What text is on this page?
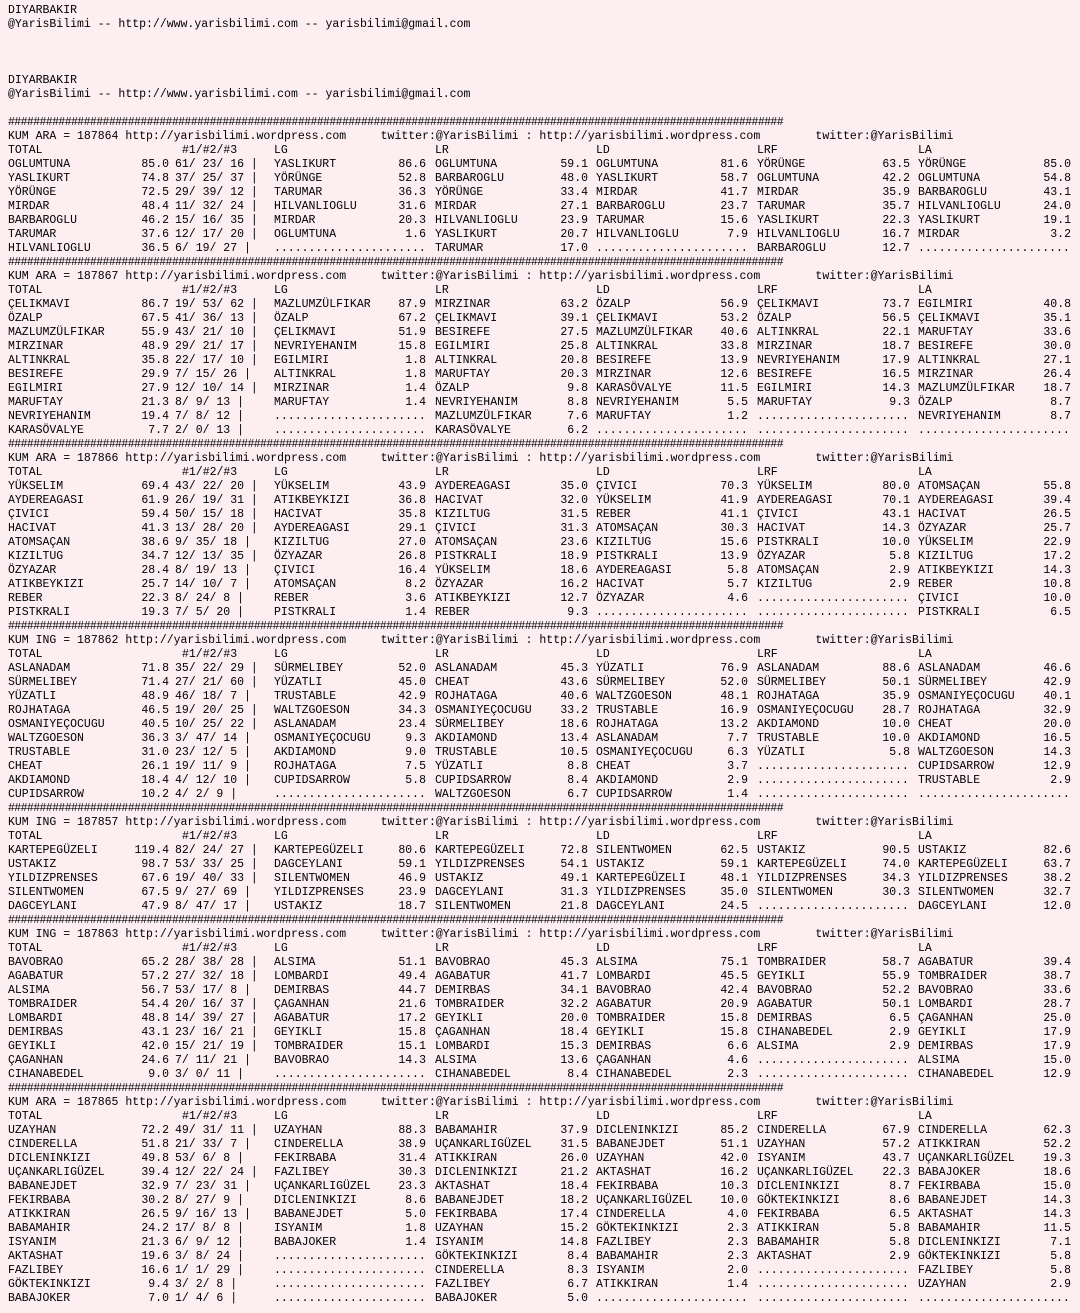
DIYARBAKIR
@YarisBilimi -- http://www.yarisbilimi.com -- yarisbilimi@gmail.com
DIYARBAKIR
@YarisBilimi -- http://www.yarisbilimi.com -- yarisbilimi@gmail.com
###########################################################################################################################
KUM ARA = 187864 http://yarisbilimi.wordpress.com     twitter:@YarisBilimi : http://yarisbilimi.wordpress.com        twitter:@YarisBilimi
TOTAL	#1/#2/#3	LG	LR	LD	LRF	LA
OGLUMTUNA	85.0 61/ 23/ 16 | YASLIKURT	86.6 OGLUMTUNA	59.1 OGLUMTUNA	81.6 YÖRÜNGE	63.5 YÖRÜNGE	85.0
YASLIKURT	74.8 37/ 25/ 37 | YÖRÜNGE	52.8 BARBAROGLU	48.0 YASLIKURT	58.7 OGLUMTUNA	42.2 OGLUMTUNA	54.8
YÖRÜNGE	72.5 29/ 39/ 12 | TARUMAR	36.3 YÖRÜNGE	33.4 MIRDAR	41.7 MIRDAR	35.9 BARBAROGLU	43.1
MIRDAR	48.4 11/ 32/ 24 | HILVANLIOGLU	31.6 MIRDAR	27.1 BARBAROGLU	23.7 TARUMAR	35.7 HILVANLIOGLU	24.0
BARBAROGLU	46.2 15/ 16/ 35 | MIRDAR	20.3 HILVANLIOGLU	23.9 TARUMAR	15.6 YASLIKURT	22.3 YASLIKURT	19.1
TARUMAR	37.6 12/ 17/ 20 | OGLUMTUNA	1.6 YASLIKURT	20.7 HILVANLIOGLU	7.9 HILVANLIOGLU	16.7 MIRDAR	3.2
HILVANLIOGLU	36.5 6/ 19/ 27 | ...................... TARUMAR	17.0 ...................... BARBAROGLU	12.7 ......................
###########################################################################################################################
KUM ARA = 187867 http://yarisbilimi.wordpress.com     twitter:@YarisBilimi : http://yarisbilimi.wordpress.com        twitter:@YarisBilimi
TOTAL	#1/#2/#3	LG	LR	LD	LRF	LA
ÇELIKMAVI	86.7 19/ 53/ 62 | MAZLUMZÜLFIKAR 87.9 MIRZINAR	63.2 ÖZALP	56.9 ÇELIKMAVI	73.7 EGILMIRI	40.8
ÖZALP	67.5 41/ 36/ 13 | ÖZALP	67.2 ÇELIKMAVI	39.1 ÇELIKMAVI	53.2 ÖZALP	56.5 ÇELIKMAVI	35.1
MAZLUMZÜLFIKAR	55.9 43/ 21/ 10 | ÇELIKMAVI	51.9 BESIREFE	27.5 MAZLUMZÜLFIKAR 40.6 ALTINKRAL	22.1 MARUFTAY	33.6
MIRZINAR	48.9 29/ 21/ 17 | NEVRIYEHANIM	15.8 EGILMIRI	25.8 ALTINKRAL	33.8 MIRZINAR	18.7 BESIREFE	30.0
ALTINKRAL	35.8 22/ 17/ 10 | EGILMIRI	1.8 ALTINKRAL	20.8 BESIREFE	13.9 NEVRIYEHANIM	17.9 ALTINKRAL	27.1
BESIREFE	29.9 7/ 15/ 26 | ALTINKRAL	1.8 MARUFTAY	20.3 MIRZINAR	12.6 BESIREFE	16.5 MIRZINAR	26.4
EGILMIRI	27.9 12/ 10/ 14 | MIRZINAR	1.4 ÖZALP	9.8 KARASÖVALYE	11.5 EGILMIRI	14.3 MAZLUMZÜLFIKAR	18.7
MARUFTAY	21.3 8/ 9/ 13 |	MARUFTAY	1.4 NEVRIYEHANIM	8.8 NEVRIYEHANIM	5.5 MARUFTAY	9.3 ÖZALP	8.7
NEVRIYEHANIM	19.4 7/ 8/ 12 |	...................... MAZLUMZÜLFIKAR	7.6 MARUFTAY	1.2 ...................... NEVRIYEHANIM	8.7
KARASÖVALYE	7.7 2/ 0/ 13 |	...................... KARASÖVALYE	6.2 ...................... ...................... ......................
###########################################################################################################################
KUM ARA = 187866 http://yarisbilimi.wordpress.com     twitter:@YarisBilimi : http://yarisbilimi.wordpress.com        twitter:@YarisBilimi
TOTAL	#1/#2/#3	LG	LR	LD	LRF	LA
YÜKSELIM	69.4 43/ 22/ 20 | YÜKSELIM	43.9 AYDEREAGASI	35.0 ÇIVICI	70.3 YÜKSELIM	80.0 ATOMSAÇAN	55.8
AYDEREAGASI	61.9 26/ 19/ 31 | ATIKBEYKIZI	36.8 HACIVAT	32.0 YÜKSELIM	41.9 AYDEREAGASI	70.1 AYDEREAGASI	39.4
ÇIVICI	59.4 50/ 15/ 18 | HACIVAT	35.8 KIZILTUG	31.5 REBER	41.1 ÇIVICI	43.1 HACIVAT	26.5
HACIVAT	41.3 13/ 28/ 20 | AYDEREAGASI	29.1 ÇIVICI	31.3 ATOMSAÇAN	30.3 HACIVAT	14.3 ÖZYAZAR	25.7
ATOMSAÇAN	38.6 9/ 35/ 18 | KIZILTUG	27.0 ATOMSAÇAN	23.6 KIZILTUG	15.6 PISTKRALI	10.0 YÜKSELIM	22.9
KIZILTUG	34.7 12/ 13/ 35 | ÖZYAZAR	26.8 PISTKRALI	18.9 PISTKRALI	13.9 ÖZYAZAR	5.8 KIZILTUG	17.2
ÖZYAZAR	28.4 8/ 19/ 13 | ÇIVICI	16.4 YÜKSELIM	18.6 AYDEREAGASI	5.8 ATOMSAÇAN	2.9 ATIKBEYKIZI	14.3
ATIKBEYKIZI	25.7 14/ 10/ 7 | ATOMSAÇAN	8.2 ÖZYAZAR	16.2 HACIVAT	5.7 KIZILTUG	2.9 REBER	10.8
REBER	22.3 8/ 24/ 8 |	REBER	3.6 ATIKBEYKIZI	12.7 ÖZYAZAR	4.6 ...................... ÇIVICI	10.0
PISTKRALI	19.3 7/ 5/ 20 |	PISTKRALI	1.4 REBER	9.3 ...................... ...................... PISTKRALI	6.5
###########################################################################################################################
KUM ING = 187862 http://yarisbilimi.wordpress.com     twitter:@YarisBilimi : http://yarisbilimi.wordpress.com        twitter:@YarisBilimi
TOTAL	#1/#2/#3	LG	LR	LD	LRF	LA
ASLANADAM	71.8 35/ 22/ 29 | SÜRMELIBEY	52.0 ASLANADAM	45.3 YÜZATLI	76.9 ASLANADAM	88.6 ASLANADAM	46.6
SÜRMELIBEY	71.4 27/ 21/ 60 | YÜZATLI	45.0 CHEAT	43.6 SÜRMELIBEY	52.0 SÜRMELIBEY	50.1 SÜRMELIBEY	42.9
YÜZATLI	48.9 46/ 18/ 7 | TRUSTABLE	42.9 ROJHATAGA	40.6 WALTZGOESON	48.1 ROJHATAGA	35.9 OSMANIYEÇOCUGU	40.1
ROJHATAGA	46.5 19/ 20/ 25 | WALTZGOESON	34.3 OSMANIYEÇOCUGU	33.2 TRUSTABLE	16.9 OSMANIYEÇOCUGU	28.7 ROJHATAGA	32.9
OSMANIYEÇOCUGU	40.5 10/ 25/ 22 | ASLANADAM	23.4 SÜRMELIBEY	18.6 ROJHATAGA	13.2 AKDIAMOND	10.0 CHEAT	20.0
WALTZGOESON	36.3 3/ 47/ 14 | OSMANIYEÇOCUGU	9.3 AKDIAMOND	13.4 ASLANADAM	7.7 TRUSTABLE	10.0 AKDIAMOND	16.5
TRUSTABLE	31.0 23/ 12/ 5 | AKDIAMOND	9.0 TRUSTABLE	10.5 OSMANIYEÇOCUGU	6.3 YÜZATLI	5.8 WALTZGOESON	14.3
CHEAT	26.1 19/ 11/ 9 | ROJHATAGA	7.5 YÜZATLI	8.8 CHEAT	3.7 ...................... CUPIDSARROW	12.9
AKDIAMOND	18.4 4/ 12/ 10 | CUPIDSARROW	5.8 CUPIDSARROW	8.4 AKDIAMOND	2.9 ...................... TRUSTABLE	2.9
CUPIDSARROW	10.2 4/ 2/ 9 |	...................... WALTZGOESON	6.7 CUPIDSARROW	1.4 ...................... ......................
###########################################################################################################################
KUM ING = 187857 http://yarisbilimi.wordpress.com     twitter:@YarisBilimi : http://yarisbilimi.wordpress.com        twitter:@YarisBilimi
TOTAL	#1/#2/#3	LG	LR	LD	LRF	LA
KARTEPEGÜZELI	119.4 82/ 24/ 27 | KARTEPEGÜZELI	80.6 KARTEPEGÜZELI	72.8 SILENTWOMEN	62.5 USTAKIZ	90.5 USTAKIZ	82.6
USTAKIZ	98.7 53/ 33/ 25 | DAGCEYLANI	59.1 YILDIZPRENSES	54.1 USTAKIZ	59.1 KARTEPEGÜZELI	74.0 KARTEPEGÜZELI	63.7
YILDIZPRENSES	67.6 19/ 40/ 33 | SILENTWOMEN	46.9 USTAKIZ	49.1 KARTEPEGÜZELI	48.1 YILDIZPRENSES	34.3 YILDIZPRENSES	38.2
SILENTWOMEN	67.5 9/ 27/ 69 | YILDIZPRENSES	23.9 DAGCEYLANI	31.3 YILDIZPRENSES	35.0 SILENTWOMEN	30.3 SILENTWOMEN	32.7
DAGCEYLANI	47.9 8/ 47/ 17 | USTAKIZ	18.7 SILENTWOMEN	21.8 DAGCEYLANI	24.5 ...................... DAGCEYLANI	12.0
###########################################################################################################################
KUM ING = 187863 http://yarisbilimi.wordpress.com     twitter:@YarisBilimi : http://yarisbilimi.wordpress.com        twitter:@YarisBilimi
TOTAL	#1/#2/#3	LG	LR	LD	LRF	LA
BAVOBRAO	65.2 28/ 38/ 28 | ALSIMA	51.1 BAVOBRAO	45.3 ALSIMA	75.1 TOMBRAIDER	58.7 AGABATUR	39.4
AGABATUR	57.2 27/ 32/ 18 | LOMBARDI	49.4 AGABATUR	41.7 LOMBARDI	45.5 GEYIKLI	55.9 TOMBRAIDER	38.7
ALSIMA	56.7 53/ 17/ 8 | DEMIRBAS	44.7 DEMIRBAS	34.1 BAVOBRAO	42.4 BAVOBRAO	52.2 BAVOBRAO	33.6
TOMBRAIDER	54.4 20/ 16/ 37 | ÇAGANHAN	21.6 TOMBRAIDER	32.2 AGABATUR	20.9 AGABATUR	50.1 LOMBARDI	28.7
LOMBARDI	48.8 14/ 39/ 27 | AGABATUR	17.2 GEYIKLI	20.0 TOMBRAIDER	15.8 DEMIRBAS	6.5 ÇAGANHAN	25.0
DEMIRBAS	43.1 23/ 16/ 21 | GEYIKLI	15.8 ÇAGANHAN	18.4 GEYIKLI	15.8 CIHANABEDEL	2.9 GEYIKLI	17.9
GEYIKLI	42.0 15/ 21/ 19 | TOMBRAIDER	15.1 LOMBARDI	15.3 DEMIRBAS	6.6 ALSIMA	2.9 DEMIRBAS	17.9
ÇAGANHAN	24.6 7/ 11/ 21 | BAVOBRAO	14.3 ALSIMA	13.6 ÇAGANHAN	4.6 ...................... ALSIMA	15.0
CIHANABEDEL	9.0 3/ 0/ 11 |	...................... CIHANABEDEL	8.4 CIHANABEDEL	2.3 ...................... CIHANABEDEL	12.9
###########################################################################################################################
KUM ARA = 187865 http://yarisbilimi.wordpress.com     twitter:@YarisBilimi : http://yarisbilimi.wordpress.com        twitter:@YarisBilimi
TOTAL	#1/#2/#3	LG	LR	LD	LRF	LA
UZAYHAN	72.2 49/ 31/ 11 | UZAYHAN	88.3 BABAMAHIR	37.9 DICLENINKIZI	85.2 CINDERELLA	67.9 CINDERELLA	62.3
CINDERELLA	51.8 21/ 33/ 7 | CINDERELLA	38.9 UÇANKARLIGÜZEL	31.5 BABANEJDET	51.1 UZAYHAN	57.2 ATIKKIRAN	52.2
DICLENINKIZI	49.8 53/ 6/ 8 |	FEKIRBABA	31.4 ATIKKIRAN	26.0 UZAYHAN	42.0 ISYANIM	43.7 UÇANKARLIGÜZEL	19.3
UÇANKARLIGÜZEL	39.4 12/ 22/ 24 | FAZLIBEY	30.3 DICLENINKIZI	21.2 AKTASHAT	16.2 UÇANKARLIGÜZEL	22.3 BABAJOKER	18.6
BABANEJDET	32.9 7/ 23/ 31 | UÇANKARLIGÜZEL 23.3 AKTASHAT	18.4 FEKIRBABA	10.3 DICLENINKIZI	8.7 FEKIRBABA	15.0
FEKIRBABA	30.2 8/ 27/ 9 |	DICLENINKIZI	8.6 BABANEJDET	18.2 UÇANKARLIGÜZEL 10.0 GÖKTEKINKIZI	8.6 BABANEJDET	14.3
ATIKKIRAN	26.5 9/ 16/ 13 | BABANEJDET	5.0 FEKIRBABA	17.4 CINDERELLA	4.0 FEKIRBABA	6.5 AKTASHAT	14.3
BABAMAHIR	24.2 17/ 8/ 8 |	ISYANIM	1.8 UZAYHAN	15.2 GÖKTEKINKIZI	2.3 ATIKKIRAN	5.8 BABAMAHIR	11.5
ISYANIM	21.3 6/ 9/ 12 |	BABAJOKER	1.4 ISYANIM	14.8 FAZLIBEY	2.3 BABAMAHIR	5.8 DICLENINKIZI	7.1
AKTASHAT	19.6 3/ 8/ 24 |	...................... GÖKTEKINKIZI	8.4 BABAMAHIR	2.3 AKTASHAT	2.9 GÖKTEKINKIZI	5.8
FAZLIBEY	16.6 1/ 1/ 29 |	...................... CINDERELLA	8.3 ISYANIM	2.0 ...................... FAZLIBEY	5.8
GÖKTEKINKIZI	9.4 3/ 2/ 8 |	...................... FAZLIBEY	6.7 ATIKKIRAN	1.4 ...................... UZAYHAN	2.9
BABAJOKER	7.0 1/ 4/ 6 |	...................... BABAJOKER	5.0 ...................... ...................... ......................
